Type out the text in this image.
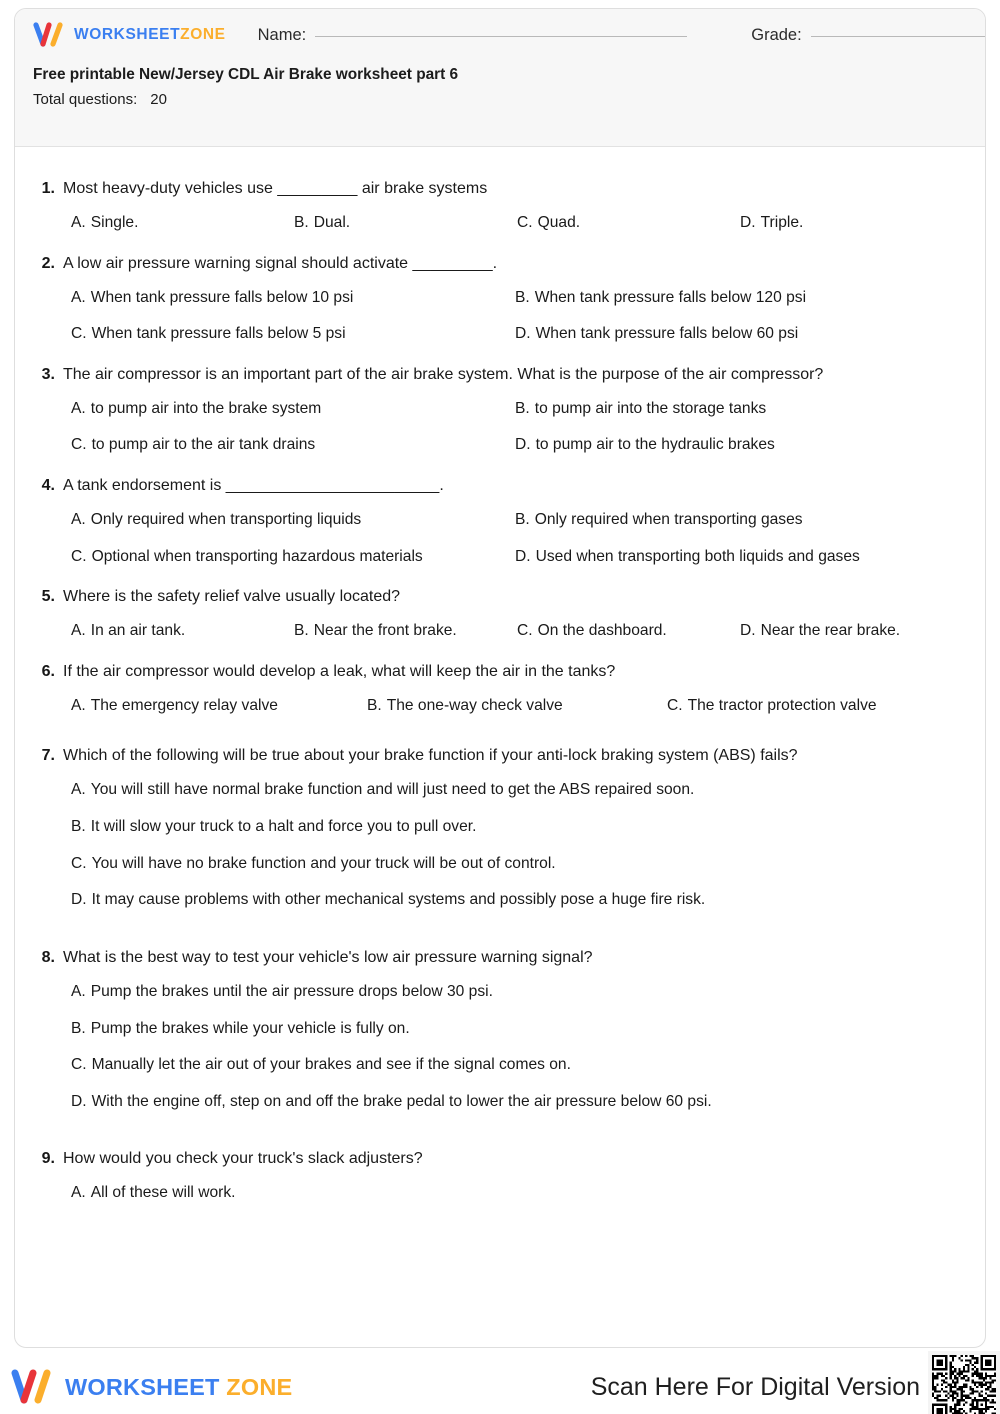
WORKSHEETZONE Name:	Grade:
Free printable New/Jersey CDL Air Brake worksheet part 6
Total questions: 20
1. Most heavy-duty vehicles use _________ air brake systems
A. Single.	B. Dual.	C. Quad.	D. Triple.
2. A low air pressure warning signal should activate _________.
A. When tank pressure falls below 10 psi	B. When tank pressure falls below 120 psi
C. When tank pressure falls below 5 psi	D. When tank pressure falls below 60 psi
3. The air compressor is an important part of the air brake system. What is the purpose of the air compressor?
A. to pump air into the brake system	B. to pump air into the storage tanks
C. to pump air to the air tank drains	D. to pump air to the hydraulic brakes
4. A tank endorsement is ________________________.
A. Only required when transporting liquids	B. Only required when transporting gases
C. Optional when transporting hazardous materials	D. Used when transporting both liquids and gases
5. Where is the safety relief valve usually located?
A. In an air tank.	B. Near the front brake.	C. On the dashboard.	D. Near the rear brake.
6. If the air compressor would develop a leak, what will keep the air in the tanks?
A. The emergency relay valve	B. The one-way check valve	C. The tractor protection valve
7. Which of the following will be true about your brake function if your anti-lock braking system (ABS) fails?
A. You will still have normal brake function and will just need to get the ABS repaired soon.
B. It will slow your truck to a halt and force you to pull over.
C. You will have no brake function and your truck will be out of control.
D. It may cause problems with other mechanical systems and possibly pose a huge fire risk.
8. What is the best way to test your vehicle's low air pressure warning signal?
A. Pump the brakes until the air pressure drops below 30 psi.
B. Pump the brakes while your vehicle is fully on.
C. Manually let the air out of your brakes and see if the signal comes on.
D. With the engine off, step on and off the brake pedal to lower the air pressure below 60 psi.
9. How would you check your truck's slack adjusters?
A. All of these will work.
WORKSHEET ZONE	Scan Here For Digital Version
